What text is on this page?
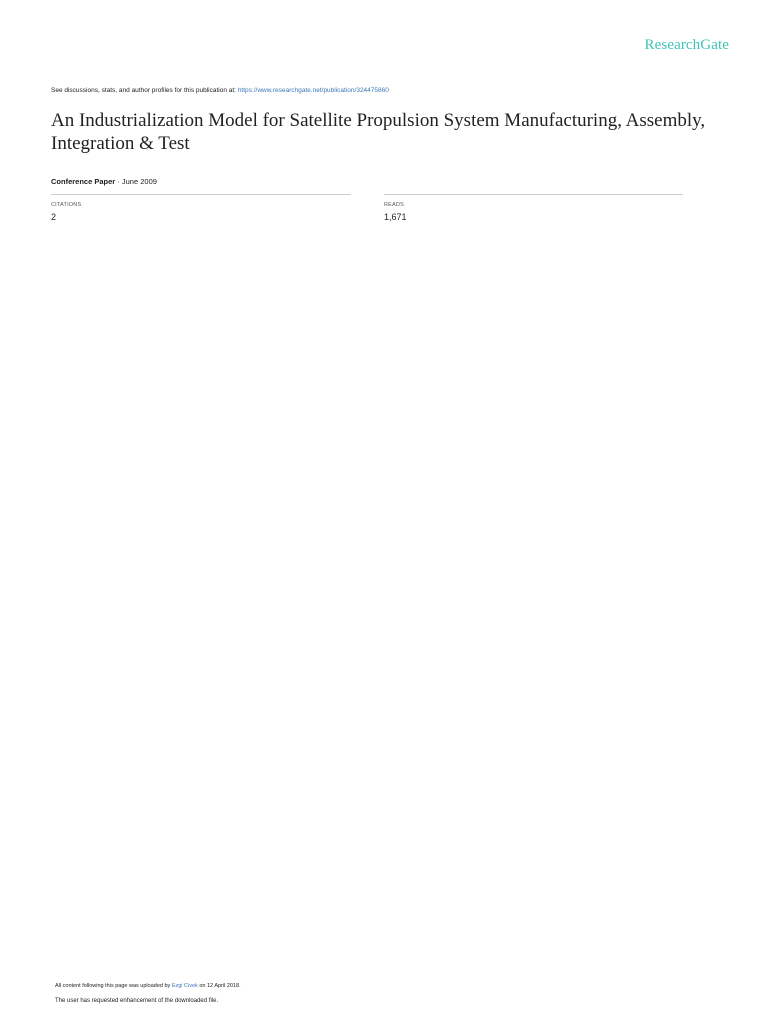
ResearchGate
See discussions, stats, and author profiles for this publication at: https://www.researchgate.net/publication/324475860
An Industrialization Model for Satellite Propulsion System Manufacturing, Assembly, Integration & Test
Conference Paper · June 2009
CITATIONS
2
READS
1,671
All content following this page was uploaded by Ezgi Civek on 12 April 2018.
The user has requested enhancement of the downloaded file.
